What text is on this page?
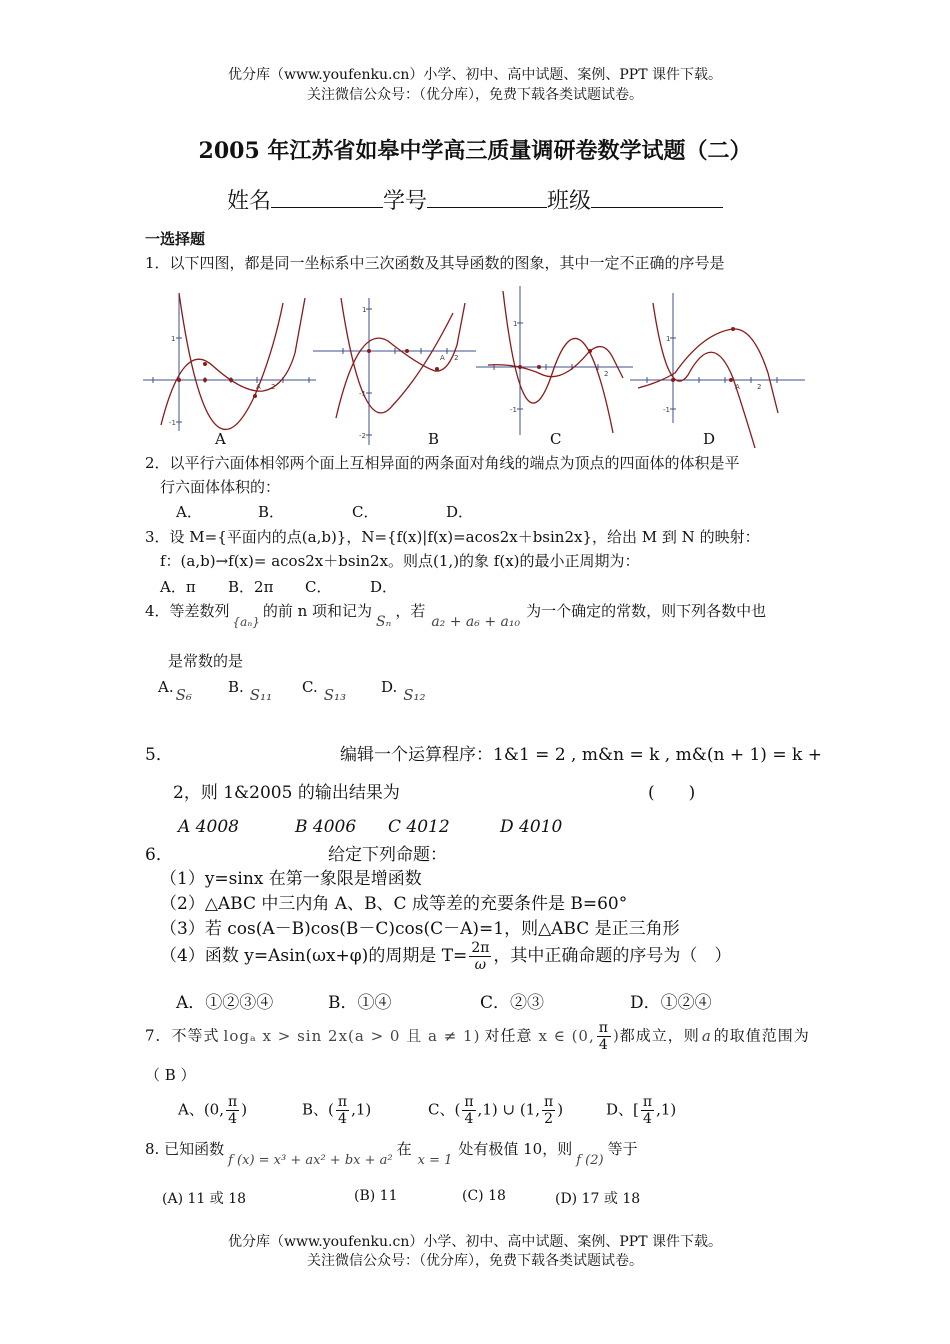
优分库（www.youfenku.cn）小学、初中、高中试题、案例、PPT 课件下载。
关注微信公众号：（优分库），免费下载各类试题试卷。
2005 年江苏省如皋中学高三质量调研卷数学试题（二）
姓名	学号	班级
一选择题
1．以下四图，都是同一坐标系中三次函数及其导函数的图象，其中一定不正确的序号是
1
-1
2
A
1
-1
-2
2
A
1
-1
2
1
-1
2
A
A	B	C	D
2．以平行六面体相邻两个面上互相异面的两条面对角线的端点为顶点的四面体的体积是平
行六面体体积的：
A．	B．	C．	D．
3．设 M={平面内的点(a,b)}，N={f(x)|f(x)=acos2x＋bsin2x}，给出 M 到 N 的映射：
f：(a,b)→f(x)= acos2x＋bsin2x。则点(1,)的象 f(x)的最小正周期为：
A．π B．2π C．	D．
4．等差数列$_{\{a_n\}}$的前 n 项和记为Sₙ，若a₂ + a₆ + a₁₀为一个确定的常数，则下列各数中也
是常数的是
A. S₆ B. S₁₁ C. S₁₃ D. S₁₂
5．	编辑一个运算程序：1&1 = 2 , m&n = k , m&(n + 1) = k +
2，则 1&2005 的输出结果为	(　　)
A 4008	B 4006 C 4012	D 4010
6．	给定下列命题：
（1）y=sinx 在第一象限是增函数
（2）△ABC 中三内角 A、B、C 成等差的充要条件是 B=60°
（3）若 cos(A－B)cos(B－C)cos(C－A)=1，则△ABC 是正三角形
（4）函数 y=Asin(ωx+φ)的周期是 $T= \frac{2\pi}{\omega}$ ，其中正确命题的序号为（　）
A．①②③④	B．①④	C．②③	D．①②④
7．不等式 logₐ x > sin 2x(a > 0 且 a ≠ 1) 对任意 x ∈ (0, $\frac{\pi}{4}$ )都成立，则 a 的取值范围为
（ B ）
A、(0, $\frac{\pi}{4}$ )	B、( $\frac{\pi}{4} ,1$)	C、( $\frac{\pi}{4} ,1$) ∪ (1, $\frac{\pi}{2}$ )	D、[ $\frac{\pi}{4} ,1$)
8. 已知函数f (x) = x³ + ax² + bx + a²在x = 1处有极值 10，则f (2)等于
(A) 11 或 18	(B) 11	(C) 18	(D) 17 或 18
优分库（www.youfenku.cn）小学、初中、高中试题、案例、PPT 课件下载。
关注微信公众号：（优分库），免费下载各类试题试卷。
